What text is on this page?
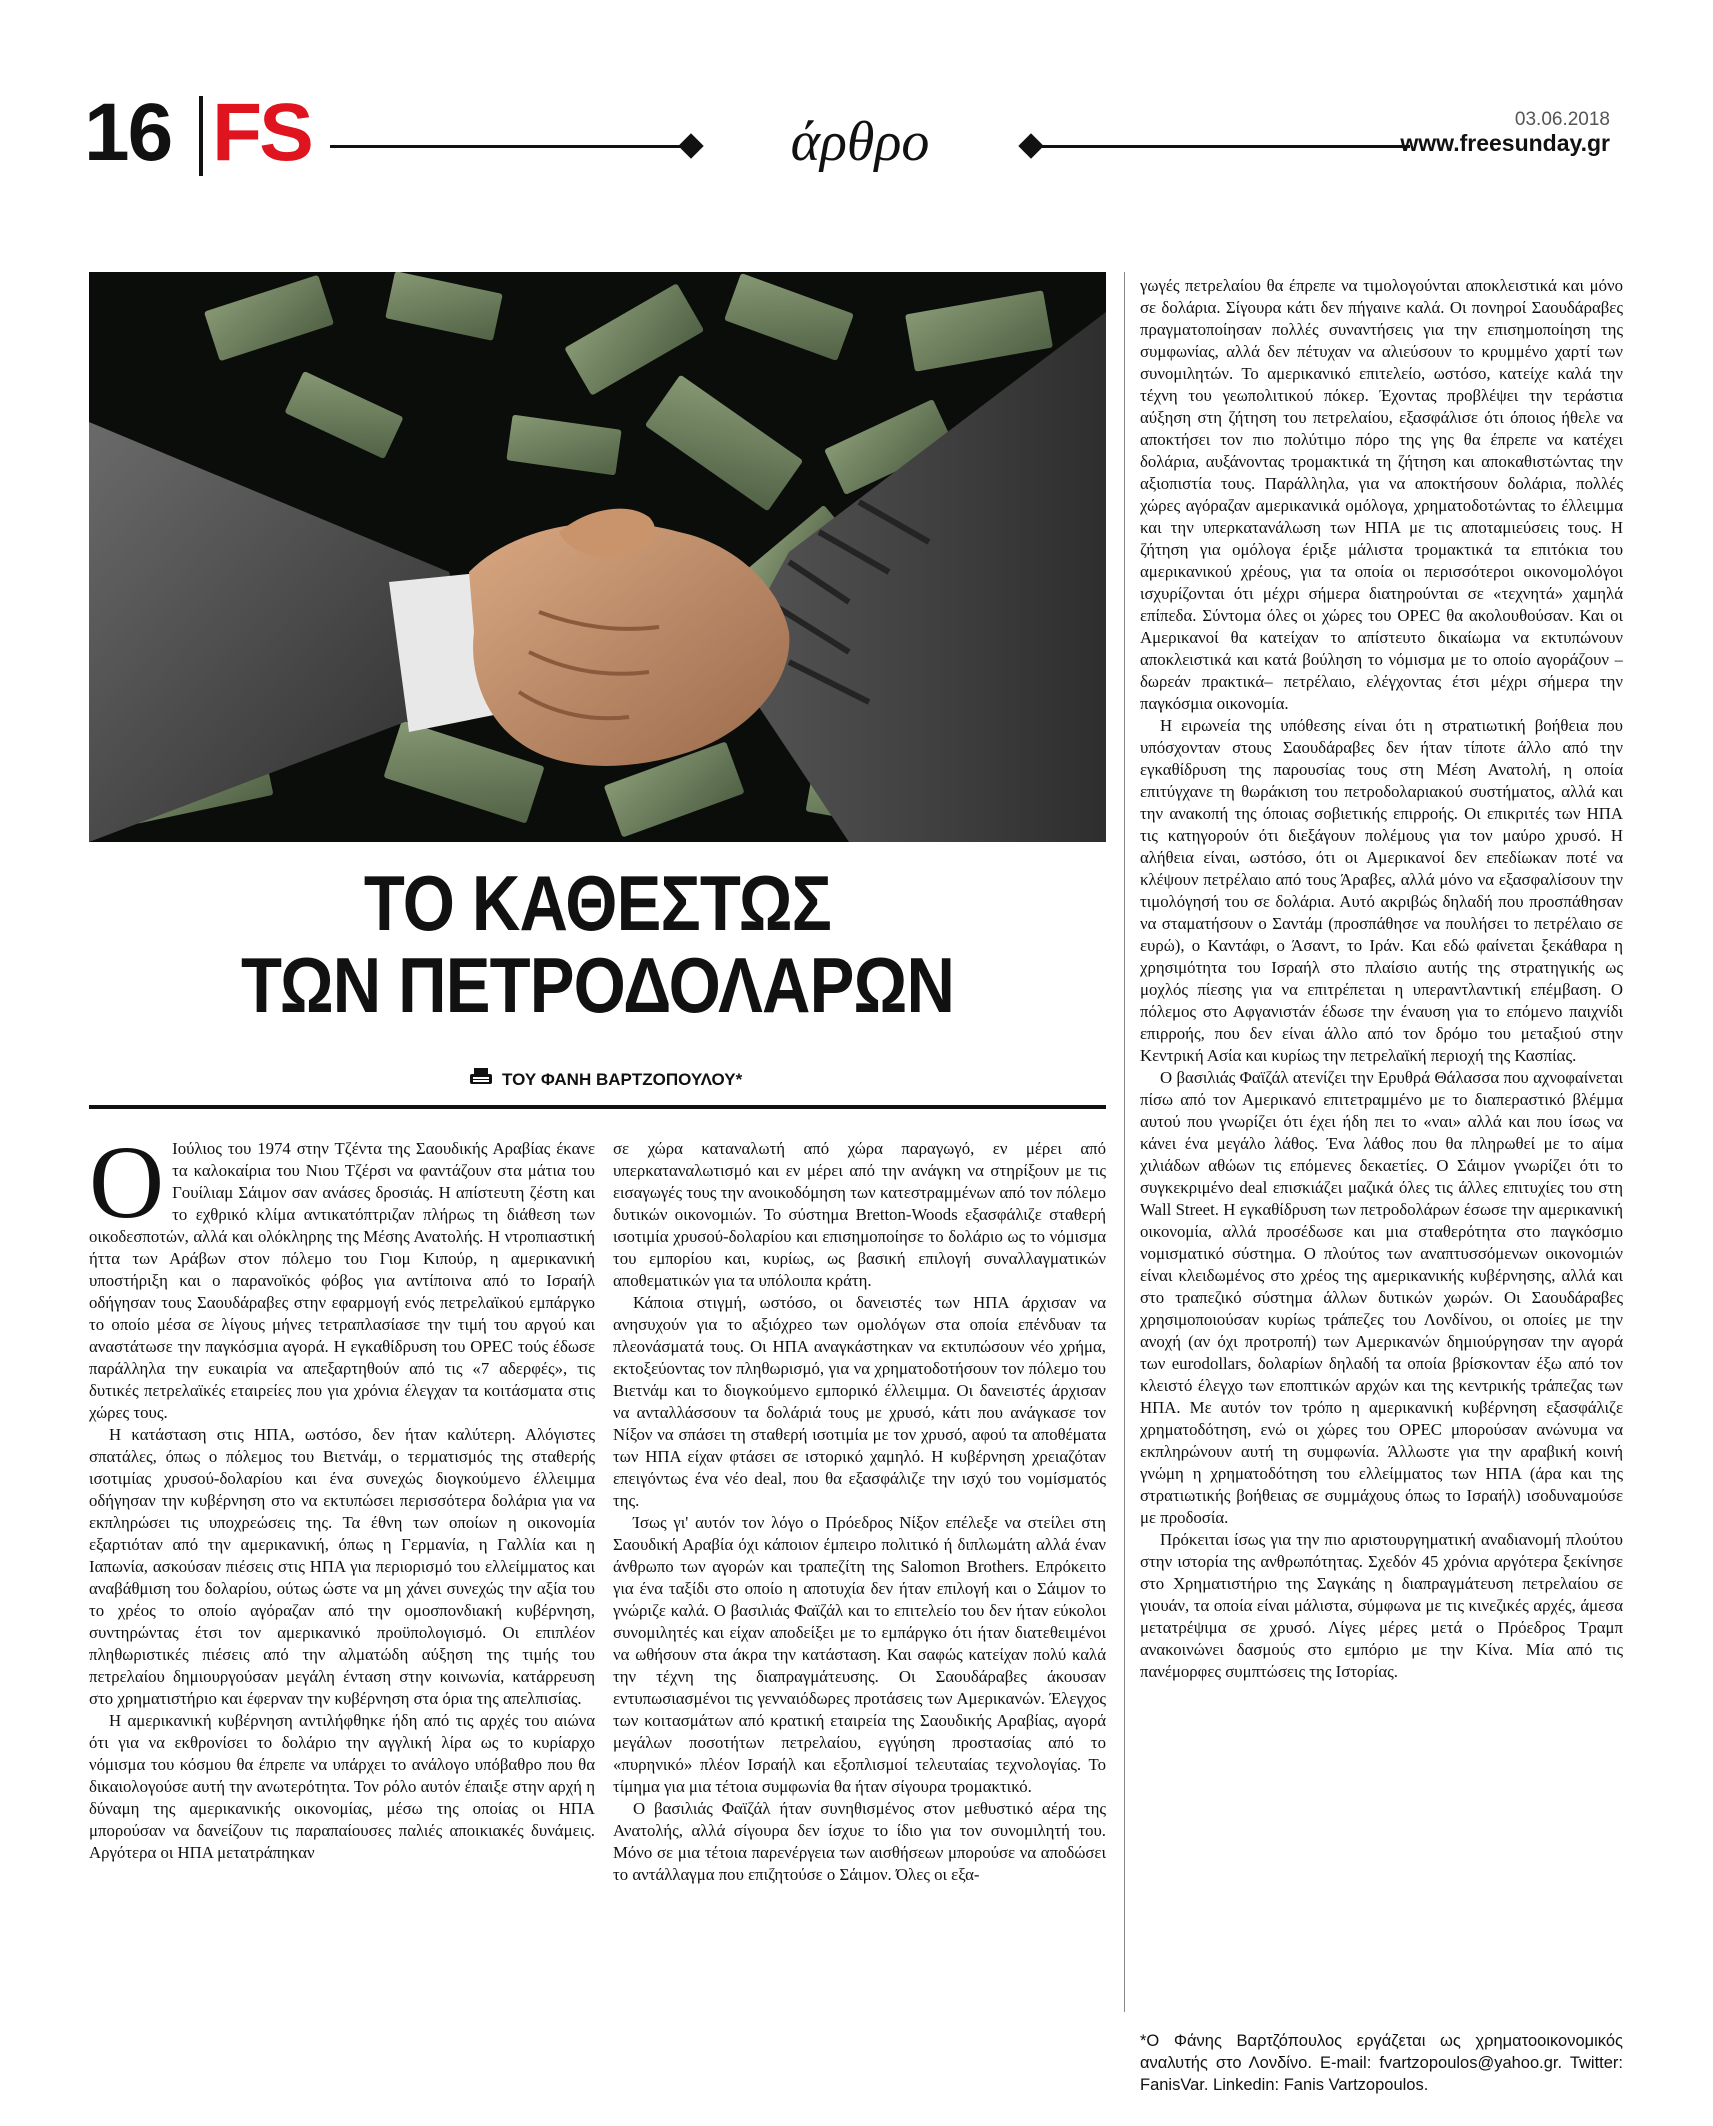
16 FS	άρθρο	03.06.2018
www.freesunday.gr
ΤΟ ΚΑΘΕΣΤΩΣ
ΤΩΝ ΠΕΤΡΟΔΟΛΑΡΩΝ
ΤΟΥ ΦΑΝΗ ΒΑΡΤΖΟΠΟΥΛΟΥ*

Ο Ιούλιος του 1974 στην Τζέντα της Σαουδικής Αραβίας έκανε τα καλοκαίρια του Νιου Τζέρσι να φαντάζουν στα μάτια του Γουίλιαμ Σάιμον σαν ανάσες δροσιάς. Η απίστευτη ζέστη και το εχθρικό κλίμα αντικατόπτριζαν πλήρως τη διάθεση των οικοδεσποτών, αλλά και ολόκληρης της Μέσης Ανατολής. Η ντροπιαστική ήττα των Αράβων στον πόλεμο του Γιομ Κιπούρ, η αμερικανική υποστήριξη και ο παρανοϊκός φόβος για αντίποινα από το Ισραήλ οδήγησαν τους Σαουδάραβες στην εφαρμογή ενός πετρελαϊκού εμπάργκο το οποίο μέσα σε λίγους μήνες τετραπλασίασε την τιμή του αργού και αναστάτωσε την παγκόσμια αγορά. Η εγκαθίδρυση του OPEC τούς έδωσε παράλληλα την ευκαιρία να απεξαρτηθούν από τις «7 αδερφές», τις δυτικές πετρελαϊκές εταιρείες που για χρόνια έλεγχαν τα κοιτάσματα στις χώρες τους.

Η κατάσταση στις ΗΠΑ, ωστόσο, δεν ήταν καλύτερη. Αλόγιστες σπατάλες, όπως ο πόλεμος του Βιετνάμ, ο τερματισμός της σταθερής ισοτιμίας χρυσού-δολαρίου και ένα συνεχώς διογκούμενο έλλειμμα οδήγησαν την κυβέρνηση στο να εκτυπώσει περισσότερα δολάρια για να εκπληρώσει τις υποχρεώσεις της. Τα έθνη των οποίων η οικονομία εξαρτιόταν από την αμερικανική, όπως η Γερμανία, η Γαλλία και η Ιαπωνία, ασκούσαν πιέσεις στις ΗΠΑ για περιορισμό του ελλείμματος και αναβάθμιση του δολαρίου, ούτως ώστε να μη χάνει συνεχώς την αξία του το χρέος το οποίο αγόραζαν από την ομοσπονδιακή κυβέρνηση, συντηρώντας έτσι τον αμερικανικό προϋπολογισμό. Οι επιπλέον πληθωριστικές πιέσεις από την αλματώδη αύξηση της τιμής του πετρελαίου δημιουργούσαν μεγάλη ένταση στην κοινωνία, κατάρρευση στο χρηματιστήριο και έφερναν την κυβέρνηση στα όρια της απελπισίας.

Η αμερικανική κυβέρνηση αντιλήφθηκε ήδη από τις αρχές του αιώνα ότι για να εκθρονίσει το δολάριο την αγγλική λίρα ως το κυρίαρχο νόμισμα του κόσμου θα έπρεπε να υπάρχει το ανάλογο υπόβαθρο που θα δικαιολογούσε αυτή την ανωτερότητα. Τον ρόλο αυτόν έπαιξε στην αρχή η δύναμη της αμερικανικής οικονομίας, μέσω της οποίας οι ΗΠΑ μπορούσαν να δανείζουν τις παραπαίουσες παλιές αποικιακές δυνάμεις. Αργότερα οι ΗΠΑ μετατράπηκαν

σε χώρα καταναλωτή από χώρα παραγωγό, εν μέρει από υπερκαταναλωτισμό και εν μέρει από την ανάγκη να στηρίξουν με τις εισαγωγές τους την ανοικοδόμηση των κατεστραμμένων από τον πόλεμο δυτικών οικονομιών. Το σύστημα Bretton-Woods εξασφάλιζε σταθερή ισοτιμία χρυσού-δολαρίου και επισημοποίησε το δολάριο ως το νόμισμα του εμπορίου και, κυρίως, ως βασική επιλογή συναλλαγματικών αποθεματικών για τα υπόλοιπα κράτη.

Κάποια στιγμή, ωστόσο, οι δανειστές των ΗΠΑ άρχισαν να ανησυχούν για το αξιόχρεο των ομολόγων στα οποία επένδυαν τα πλεονάσματά τους. Οι ΗΠΑ αναγκάστηκαν να εκτυπώσουν νέο χρήμα, εκτοξεύοντας τον πληθωρισμό, για να χρηματοδοτήσουν τον πόλεμο του Βιετνάμ και το διογκούμενο εμπορικό έλλειμμα. Οι δανειστές άρχισαν να ανταλλάσσουν τα δολάριά τους με χρυσό, κάτι που ανάγκασε τον Νίξον να σπάσει τη σταθερή ισοτιμία με τον χρυσό, αφού τα αποθέματα των ΗΠΑ είχαν φτάσει σε ιστορικό χαμηλό. Η κυβέρνηση χρειαζόταν επειγόντως ένα νέο deal, που θα εξασφάλιζε την ισχύ του νομίσματός της.

Ίσως γι' αυτόν τον λόγο ο Πρόεδρος Νίξον επέλεξε να στείλει στη Σαουδική Αραβία όχι κάποιον έμπειρο πολιτικό ή διπλωμάτη αλλά έναν άνθρωπο των αγορών και τραπεζίτη της Salomon Brothers. Επρόκειτο για ένα ταξίδι στο οποίο η αποτυχία δεν ήταν επιλογή και ο Σάιμον το γνώριζε καλά. Ο βασιλιάς Φαϊζάλ και το επιτελείο του δεν ήταν εύκολοι συνομιλητές και είχαν αποδείξει με το εμπάργκο ότι ήταν διατεθειμένοι να ωθήσουν στα άκρα την κατάσταση. Και σαφώς κατείχαν πολύ καλά την τέχνη της διαπραγμάτευσης. Οι Σαουδάραβες άκουσαν εντυπωσιασμένοι τις γενναιόδωρες προτάσεις των Αμερικανών. Έλεγχος των κοιτασμάτων από κρατική εταιρεία της Σαουδικής Αραβίας, αγορά μεγάλων ποσοτήτων πετρελαίου, εγγύηση προστασίας από το «πυρηνικό» πλέον Ισραήλ και εξοπλισμοί τελευταίας τεχνολογίας. Το τίμημα για μια τέτοια συμφωνία θα ήταν σίγουρα τρομακτικό.

Ο βασιλιάς Φαϊζάλ ήταν συνηθισμένος στον μεθυστικό αέρα της Ανατολής, αλλά σίγουρα δεν ίσχυε το ίδιο για τον συνομιλητή του. Μόνο σε μια τέτοια παρενέργεια των αισθήσεων μπορούσε να αποδώσει το αντάλλαγμα που επιζητούσε ο Σάιμον. Όλες οι εξα-

γωγές πετρελαίου θα έπρεπε να τιμολογούνται αποκλειστικά και μόνο σε δολάρια. Σίγουρα κάτι δεν πήγαινε καλά. Οι πονηροί Σαουδάραβες πραγματοποίησαν πολλές συναντήσεις για την επισημοποίηση της συμφωνίας, αλλά δεν πέτυχαν να αλιεύσουν το κρυμμένο χαρτί των συνομιλητών. Το αμερικανικό επιτελείο, ωστόσο, κατείχε καλά την τέχνη του γεωπολιτικού πόκερ. Έχοντας προβλέψει την τεράστια αύξηση στη ζήτηση του πετρελαίου, εξασφάλισε ότι όποιος ήθελε να αποκτήσει τον πιο πολύτιμο πόρο της γης θα έπρεπε να κατέχει δολάρια, αυξάνοντας τρομακτικά τη ζήτηση και αποκαθιστώντας την αξιοπιστία τους. Παράλληλα, για να αποκτήσουν δολάρια, πολλές χώρες αγόραζαν αμερικανικά ομόλογα, χρηματοδοτώντας το έλλειμμα και την υπερκατανάλωση των ΗΠΑ με τις αποταμιεύσεις τους. Η ζήτηση για ομόλογα έριξε μάλιστα τρομακτικά τα επιτόκια του αμερικανικού χρέους, για τα οποία οι περισσότεροι οικονομολόγοι ισχυρίζονται ότι μέχρι σήμερα διατηρούνται σε «τεχνητά» χαμηλά επίπεδα. Σύντομα όλες οι χώρες του OPEC θα ακολουθούσαν. Και οι Αμερικανοί θα κατείχαν το απίστευτο δικαίωμα να εκτυπώνουν αποκλειστικά και κατά βούληση το νόμισμα με το οποίο αγοράζουν –δωρεάν πρακτικά– πετρέλαιο, ελέγχοντας έτσι μέχρι σήμερα την παγκόσμια οικονομία.

Η ειρωνεία της υπόθεσης είναι ότι η στρατιωτική βοήθεια που υπόσχονταν στους Σαουδάραβες δεν ήταν τίποτε άλλο από την εγκαθίδρυση της παρουσίας τους στη Μέση Ανατολή, η οποία επιτύγχανε τη θωράκιση του πετροδολαριακού συστήματος, αλλά και την ανακοπή της όποιας σοβιετικής επιρροής. Οι επικριτές των ΗΠΑ τις κατηγορούν ότι διεξάγουν πολέμους για τον μαύρο χρυσό. Η αλήθεια είναι, ωστόσο, ότι οι Αμερικανοί δεν επεδίωκαν ποτέ να κλέψουν πετρέλαιο από τους Άραβες, αλλά μόνο να εξασφαλίσουν την τιμολόγησή του σε δολάρια. Αυτό ακριβώς δηλαδή που προσπάθησαν να σταματήσουν ο Σαντάμ (προσπάθησε να πουλήσει το πετρέλαιο σε ευρώ), ο Καντάφι, ο Άσαντ, το Ιράν. Και εδώ φαίνεται ξεκάθαρα η χρησιμότητα του Ισραήλ στο πλαίσιο αυτής της στρατηγικής ως μοχλός πίεσης για να επιτρέπεται η υπεραντλαντική επέμβαση. Ο πόλεμος στο Αφγανιστάν έδωσε την έναυση για το επόμενο παιχνίδι επιρροής, που δεν είναι άλλο από τον δρόμο του μεταξιού στην Κεντρική Ασία και κυρίως την πετρελαϊκή περιοχή της Κασπίας.

Ο βασιλιάς Φαϊζάλ ατενίζει την Ερυθρά Θάλασσα που αχνοφαίνεται πίσω από τον Αμερικανό επιτετραμμένο με το διαπεραστικό βλέμμα αυτού που γνωρίζει ότι έχει ήδη πει το «ναι» αλλά και που ίσως να κάνει ένα μεγάλο λάθος. Ένα λάθος που θα πληρωθεί με το αίμα χιλιάδων αθώων τις επόμενες δεκαετίες. Ο Σάιμον γνωρίζει ότι το συγκεκριμένο deal επισκιάζει μαζικά όλες τις άλλες επιτυχίες του στη Wall Street. Η εγκαθίδρυση των πετροδολάρων έσωσε την αμερικανική οικονομία, αλλά προσέδωσε και μια σταθερότητα στο παγκόσμιο νομισματικό σύστημα. Ο πλούτος των αναπτυσσόμενων οικονομιών είναι κλειδωμένος στο χρέος της αμερικανικής κυβέρνησης, αλλά και στο τραπεζικό σύστημα άλλων δυτικών χωρών. Οι Σαουδάραβες χρησιμοποιούσαν κυρίως τράπεζες του Λονδίνου, οι οποίες με την ανοχή (αν όχι προτροπή) των Αμερικανών δημιούργησαν την αγορά των eurodollars, δολαρίων δηλαδή τα οποία βρίσκονταν έξω από τον κλειστό έλεγχο των εποπτικών αρχών και της κεντρικής τράπεζας των ΗΠΑ. Με αυτόν τον τρόπο η αμερικανική κυβέρνηση εξασφάλιζε χρηματοδότηση, ενώ οι χώρες του OPEC μπορούσαν ανώνυμα να εκπληρώνουν αυτή τη συμφωνία. Άλλωστε για την αραβική κοινή γνώμη η χρηματοδότηση του ελλείμματος των ΗΠΑ (άρα και της στρατιωτικής βοήθειας σε συμμάχους όπως το Ισραήλ) ισοδυναμούσε με προδοσία.

Πρόκειται ίσως για την πιο αριστουργηματική αναδιανομή πλούτου στην ιστορία της ανθρωπότητας. Σχεδόν 45 χρόνια αργότερα ξεκίνησε στο Χρηματιστήριο της Σαγκάης η διαπραγμάτευση πετρελαίου σε γιουάν, τα οποία είναι μάλιστα, σύμφωνα με τις κινεζικές αρχές, άμεσα μετατρέψιμα σε χρυσό. Λίγες μέρες μετά ο Πρόεδρος Τραμπ ανακοινώνει δασμούς στο εμπόριο με την Κίνα. Μία από τις πανέμορφες συμπτώσεις της Ιστορίας.

*Ο Φάνης Βαρτζόπουλος εργάζεται ως χρηματοοικονομικός αναλυτής στο Λονδίνο. E-mail: fvartzopoulos@yahoo.gr. Twitter: FanisVar. Linkedin: Fanis Vartzopoulos.
